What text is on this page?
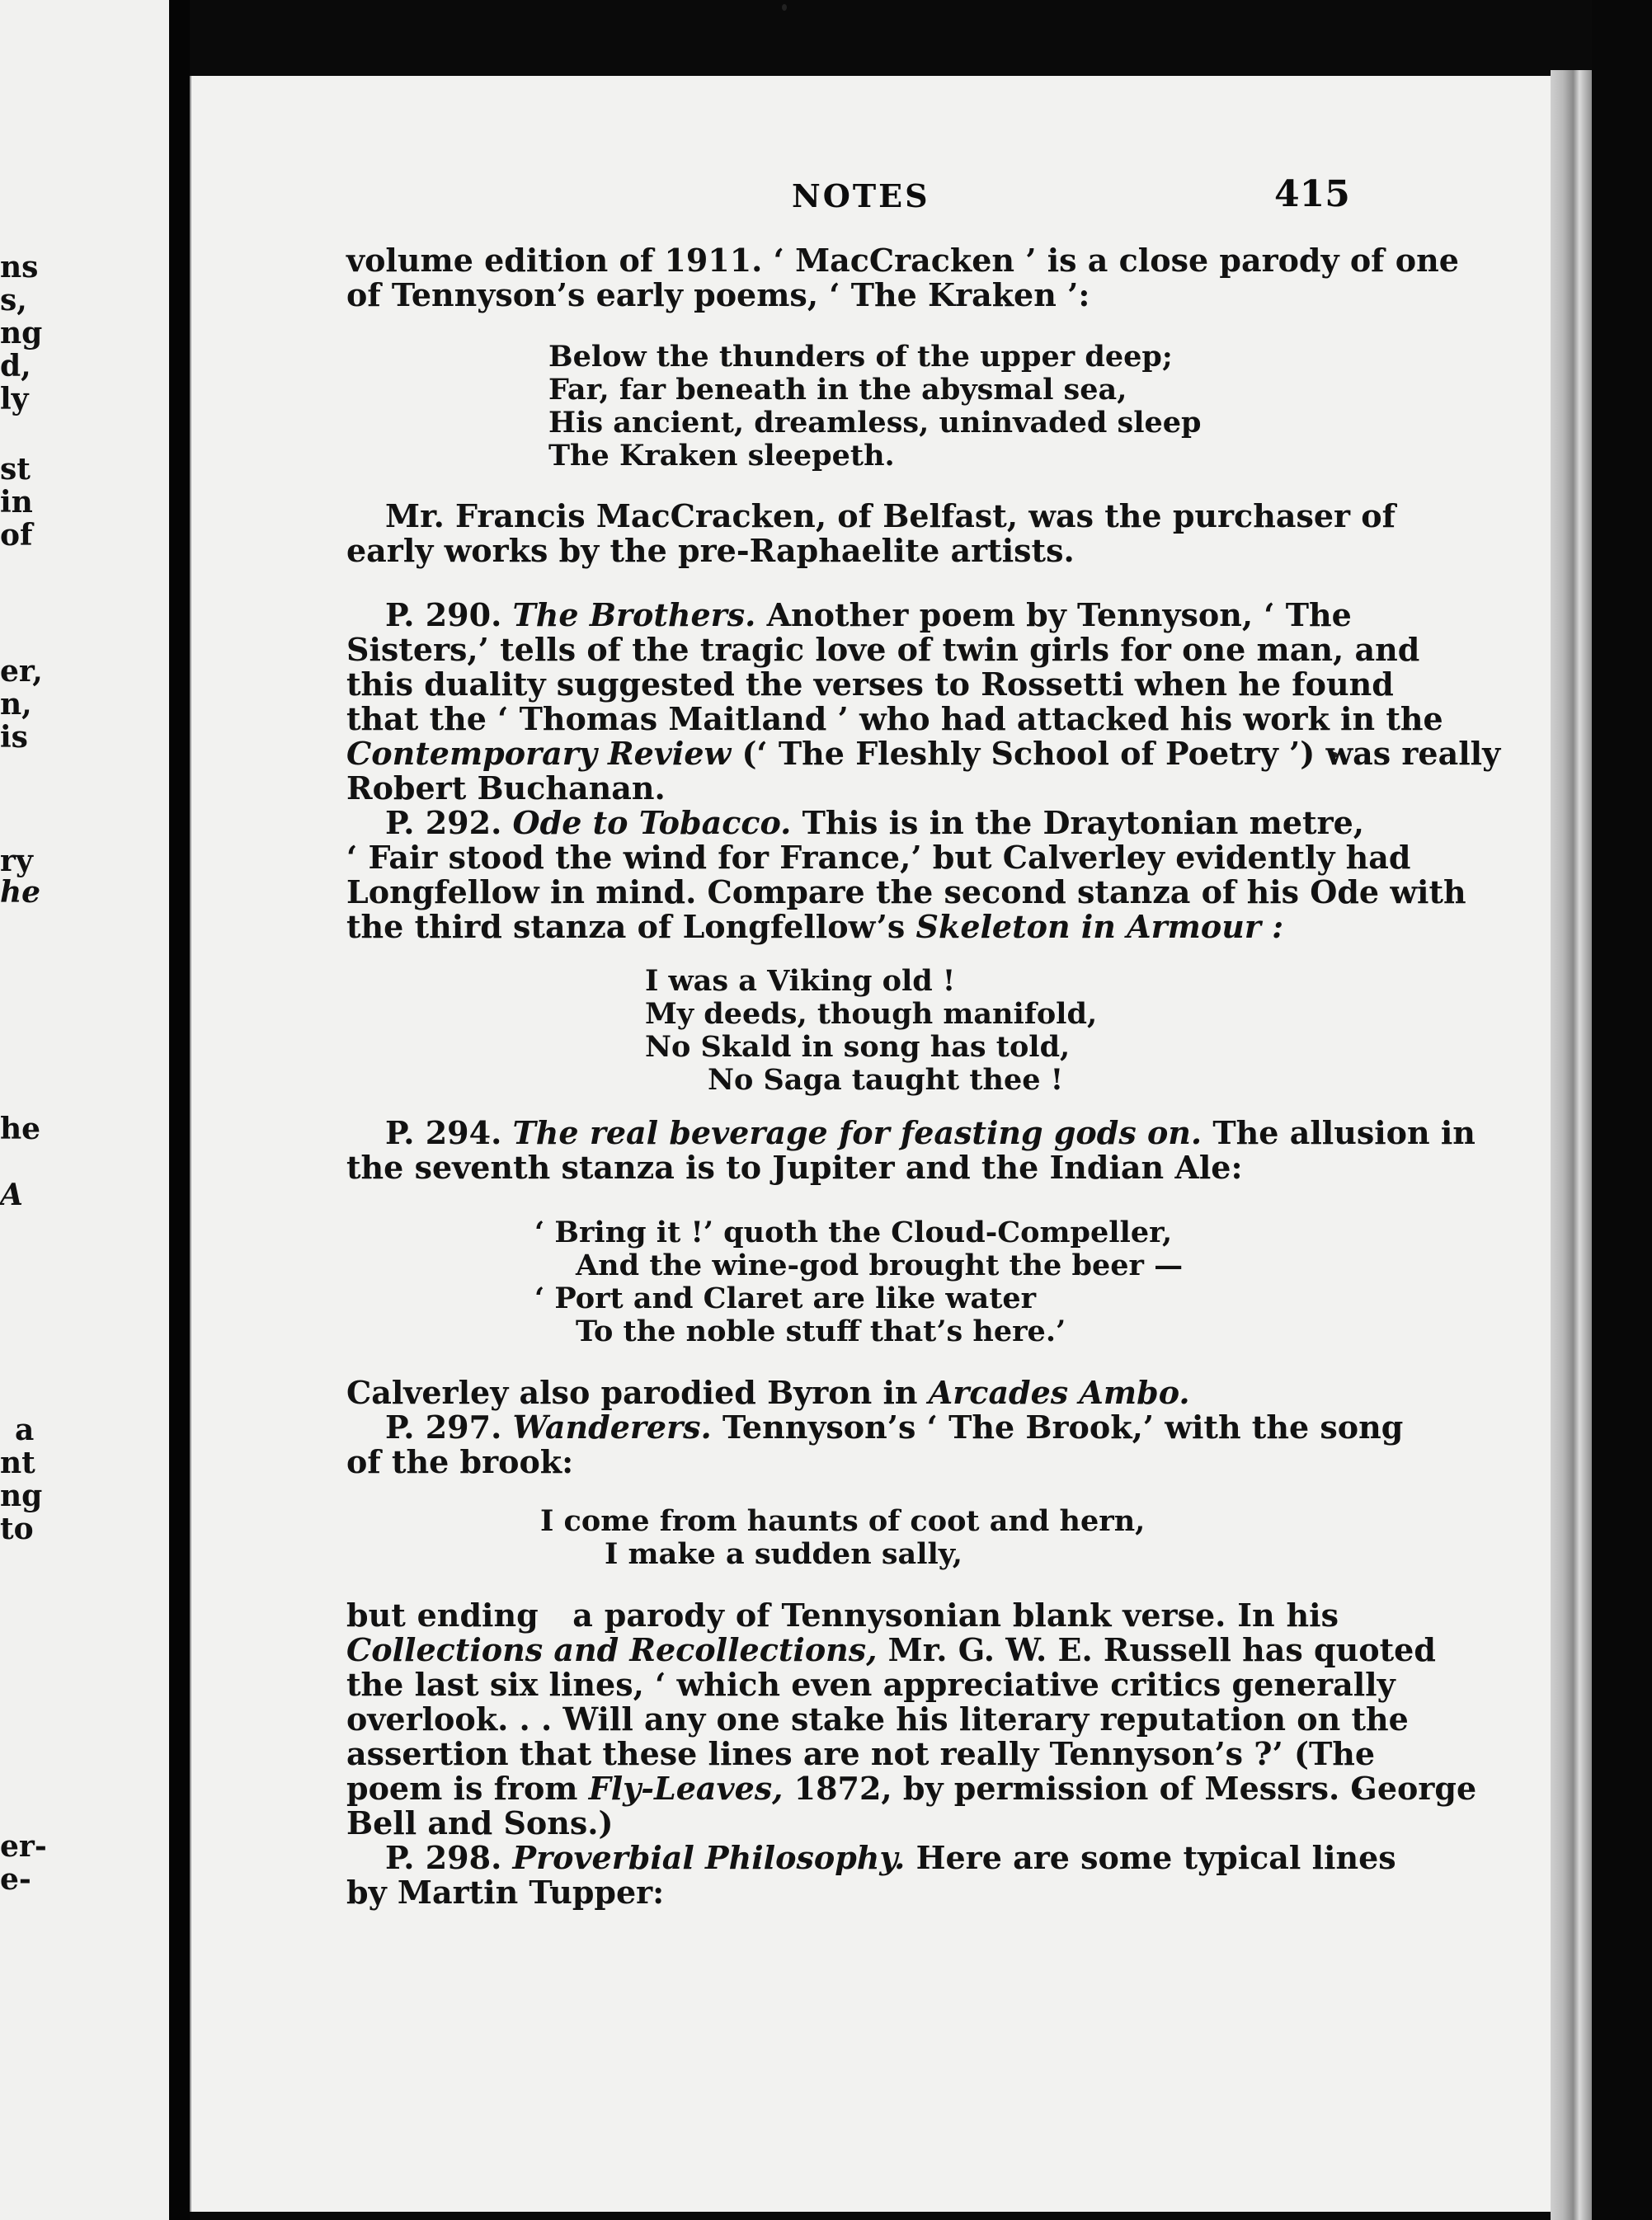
ns
s,
ng
d,
ly
st
in
of
er,
n,
is
ry
he
he
A
a
nt
ng
to
er-
e-
NOTES	415
volume edition of 1911. ‘ MacCracken ’ is a close parody of one
of Tennyson’s early poems, ‘ The Kraken ’:
Below the thunders of the upper deep;
Far, far beneath in the abysmal sea,
His ancient, dreamless, uninvaded sleep
The Kraken sleepeth.
Mr. Francis MacCracken, of Belfast, was the purchaser of
early works by the pre-Raphaelite artists.
P. 290. The Brothers. Another poem by Tennyson, ‘ The
Sisters,’ tells of the tragic love of twin girls for one man, and
this duality suggested the verses to Rossetti when he found
that the ‘ Thomas Maitland ’ who had attacked his work in the
Contemporary Review (‘ The Fleshly School of Poetry ’) was really
Robert Buchanan.
P. 292. Ode to Tobacco. This is in the Draytonian metre,
‘ Fair stood the wind for France,’ but Calverley evidently had
Longfellow in mind. Compare the second stanza of his Ode with
the third stanza of Longfellow’s Skeleton in Armour :
I was a Viking old !
My deeds, though manifold,
No Skald in song has told,
No Saga taught thee !
P. 294. The real beverage for feasting gods on. The allusion in
the seventh stanza is to Jupiter and the Indian Ale:
‘ Bring it !’ quoth the Cloud-Compeller,
And the wine-god brought the beer —
‘ Port and Claret are like water
To the noble stuff that’s here.’
Calverley also parodied Byron in Arcades Ambo.
P. 297. Wanderers. Tennyson’s ‘ The Brook,’ with the song
of the brook:
I come from haunts of coot and hern,
I make a sudden sally,
but ending   a parody of Tennysonian blank verse. In his
Collections and Recollections, Mr. G. W. E. Russell has quoted
the last six lines, ‘ which even appreciative critics generally
overlook. . . Will any one stake his literary reputation on the
assertion that these lines are not really Tennyson’s ?’ (The
poem is from Fly-Leaves, 1872, by permission of Messrs. George
Bell and Sons.)
P. 298. Proverbial Philosophy. Here are some typical lines
by Martin Tupper:
